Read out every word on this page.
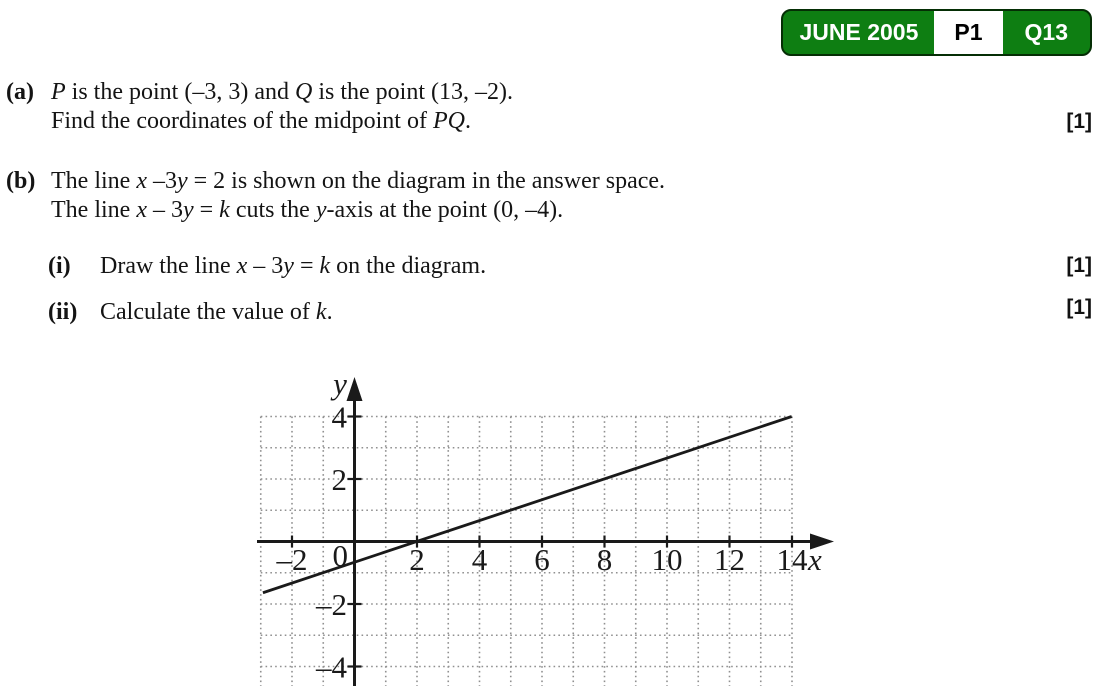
JUNE 2005	P1	Q13
(a) P is the point (–3, 3) and Q is the point (13, –2).
Find the coordinates of the midpoint of PQ.	[1]
(b) The line x –3y = 2 is shown on the diagram in the answer space.
The line x – 3y = k cuts the y-axis at the point (0, –4).
(i) Draw the line x – 3y = k on the diagram.	[1]
(ii) Calculate the value of k.	[1]
–2	2 4 6 8 10 12 14
4
2
–2
–4
0	x
y
